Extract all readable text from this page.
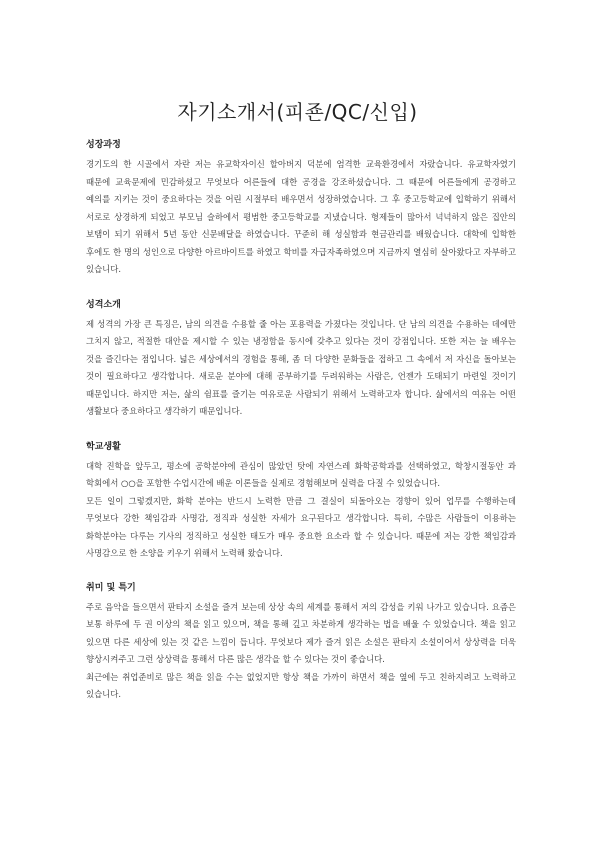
자기소개서(피죤/QC/신입)
성장과정

경기도의 한 시골에서 자란 저는 유교학자이신 할아버지 덕분에 엄격한 교육환경에서 자랐습니다. 유교학자였기 때문에 교육문제에 민감하셨고 무엇보다 어른들에 대한 공경을 강조하셨습니다. 그 때문에 어른들에게 공경하고 예의를 지키는 것이 중요하다는 것을 어린 시절부터 배우면서 성장하였습니다. 그 후 중고등학교에 입학하기 위해서 서로로 상경하게 되었고 부모님 슬하에서 평범한 중고등학교를 지냈습니다. 형제들이 많아서 넉넉하지 않은 집안의 보탬이 되기 위해서 5년 동안 신문배달을 하였습니다. 꾸준히 해 성실함과 현금관리를 배웠습니다. 대학에 입학한 후에도 한 명의 성인으로 다양한 아르바이트를 하였고 학비를 자급자족하였으며 지금까지 열심히 살아왔다고 자부하고 있습니다.

성격소개

제 성격의 가장 큰 특징은, 남의 의견을 수용할 줄 아는 포용력을 가졌다는 것입니다. 단 남의 의견을 수용하는 데에만 그치지 않고, 적절한 대안을 제시할 수 있는 냉정함을 동시에 갖추고 있다는 것이 강점입니다. 또한 저는 늘 배우는 것을 즐긴다는 점입니다. 넓은 세상에서의 경험을 통해, 좀 더 다양한 문화들을 접하고 그 속에서 저 자신을 돌아보는 것이 필요하다고 생각합니다. 새로운 분야에 대해 공부하기를 두려워하는 사람은, 언젠가 도태되기 마련일 것이기 때문입니다. 하지만 저는, 삶의 쉼표를 즐기는 여유로운 사람되기 위해서 노력하고자 합니다. 삶에서의 여유는 어떤 생활보다 중요하다고 생각하기 때문입니다.

학교생활

대학 진학을 앞두고, 평소에 공학분야에 관심이 많았던 탓에 자연스레 화학공학과를 선택하였고, 학창시절동안 과 학회에서 ○○을 포함한 수업시간에 배운 이론들을 실제로 경험해보며 실력을 다질 수 있었습니다.

모든 일이 그렇겠지만, 화학 분야는 반드시 노력한 만큼 그 결실이 되돌아오는 경향이 있어 업무를 수행하는데 무엇보다 강한 책임감과 사명감, 정직과 성실한 자세가 요구된다고 생각합니다. 특히, 수많은 사람들이 이용하는 화학분야는 다루는 기사의 정직하고 성실한 태도가 매우 중요한 요소라 할 수 있습니다. 때문에 저는 강한 책임감과 사명감으로 한 소양을 키우기 위해서 노력해 왔습니다.

취미 및 특기

주로 음악을 들으면서 판타지 소설을 즐겨 보는데 상상 속의 세계를 통해서 저의 감성을 키워 나가고 있습니다. 요즘은 보통 하루에 두 권 이상의 책을 읽고 있으며, 책을 통해 깊고 차분하게 생각하는 법을 배울 수 있었습니다. 책을 읽고 있으면 다른 세상에 있는 것 같은 느낌이 듭니다. 무엇보다 제가 즐겨 읽은 소설은 판타지 소설이어서 상상력을 더욱 향상시켜주고 그런 상상력을 통해서 다른 많은 생각을 할 수 있다는 것이 좋습니다.

최근에는 취업준비로 많은 책을 읽을 수는 없었지만 항상 책을 가까이 하면서 책을 옆에 두고 친하지려고 노력하고 있습니다.
